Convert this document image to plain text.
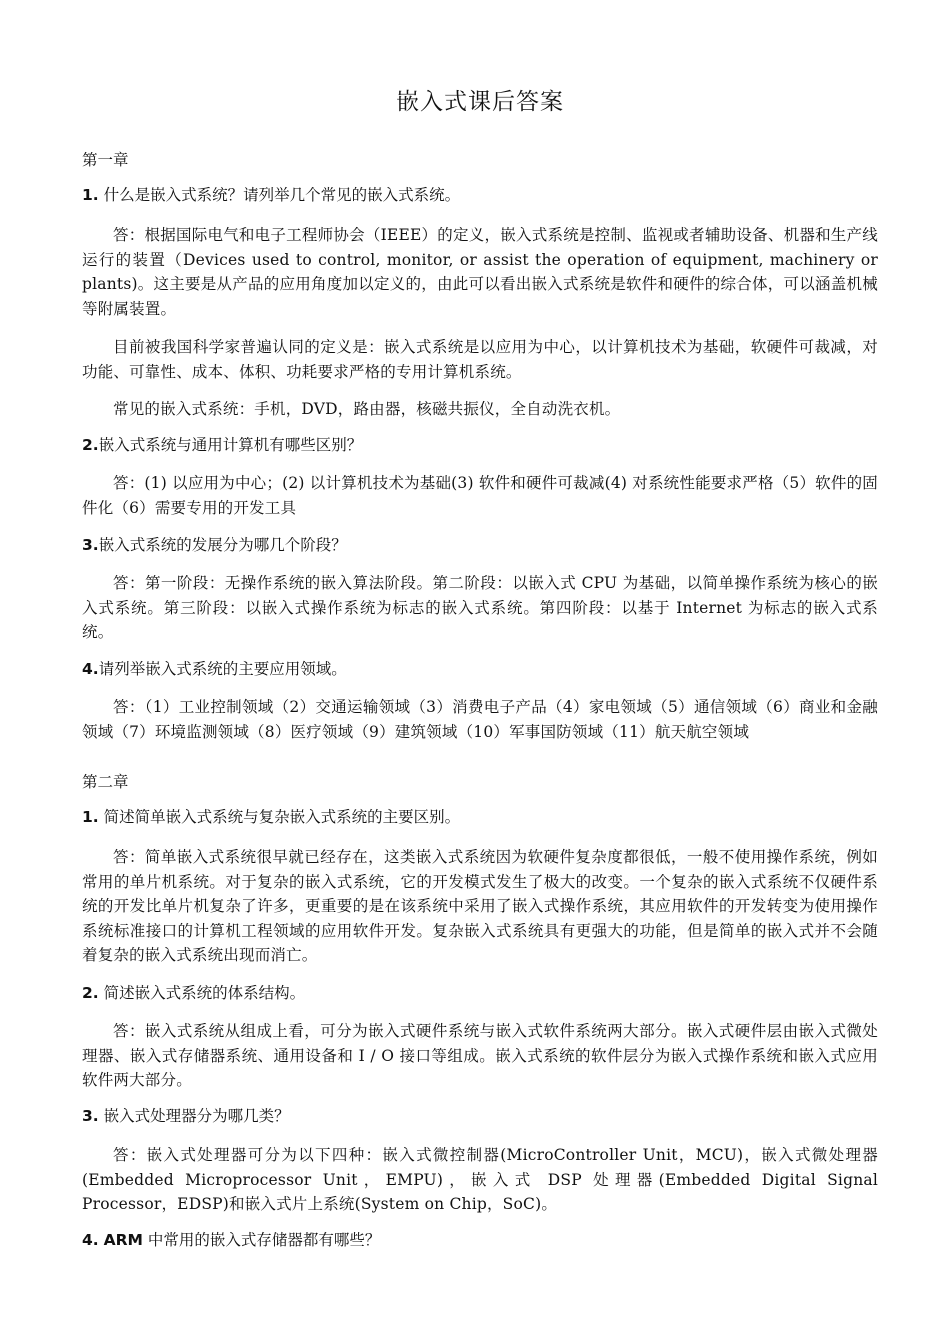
嵌入式课后答案
第一章
1. 什么是嵌入式系统？请列举几个常见的嵌入式系统。
答：根据国际电气和电子工程师协会（IEEE）的定义，嵌入式系统是控制、监视或者辅助设备、机器和生产线运行的装置（Devices used to control, monitor, or assist the operation of equipment, machinery or plants)。这主要是从产品的应用角度加以定义的，由此可以看出嵌入式系统是软件和硬件的综合体，可以涵盖机械等附属装置。
目前被我国科学家普遍认同的定义是：嵌入式系统是以应用为中心，以计算机技术为基础，软硬件可裁减，对功能、可靠性、成本、体积、功耗要求严格的专用计算机系统。
常见的嵌入式系统：手机，DVD，路由器，核磁共振仪，全自动洗衣机。
2.嵌入式系统与通用计算机有哪些区别？
答：(1) 以应用为中心；(2) 以计算机技术为基础(3) 软件和硬件可裁减(4) 对系统性能要求严格（5）软件的固件化（6）需要专用的开发工具
3.嵌入式系统的发展分为哪几个阶段？
答：第一阶段：无操作系统的嵌入算法阶段。第二阶段：以嵌入式 CPU 为基础，以简单操作系统为核心的嵌入式系统。第三阶段：以嵌入式操作系统为标志的嵌入式系统。第四阶段：以基于 Internet 为标志的嵌入式系统。
4.请列举嵌入式系统的主要应用领域。
答：（1）工业控制领域（2）交通运输领域（3）消费电子产品（4）家电领域（5）通信领域（6）商业和金融领域（7）环境监测领域（8）医疗领域（9）建筑领域（10）军事国防领域（11）航天航空领域
第二章
1. 简述简单嵌入式系统与复杂嵌入式系统的主要区别。
答：简单嵌入式系统很早就已经存在，这类嵌入式系统因为软硬件复杂度都很低，一般不使用操作系统，例如常用的单片机系统。对于复杂的嵌入式系统，它的开发模式发生了极大的改变。一个复杂的嵌入式系统不仅硬件系统的开发比单片机复杂了许多，更重要的是在该系统中采用了嵌入式操作系统，其应用软件的开发转变为使用操作系统标准接口的计算机工程领域的应用软件开发。复杂嵌入式系统具有更强大的功能，但是简单的嵌入式并不会随着复杂的嵌入式系统出现而消亡。
2. 简述嵌入式系统的体系结构。
答：嵌入式系统从组成上看，可分为嵌入式硬件系统与嵌入式软件系统两大部分。嵌入式硬件层由嵌入式微处理器、嵌入式存储器系统、通用设备和 I / O 接口等组成。嵌入式系统的软件层分为嵌入式操作系统和嵌入式应用软件两大部分。
3. 嵌入式处理器分为哪几类？
答：嵌入式处理器可分为以下四种：嵌入式微控制器(MicroController Unit，MCU)，嵌入式微处理器(Embedded Microprocessor Unit，EMPU)，嵌入式 DSP 处理器(Embedded Digital Signal Processor，EDSP)和嵌入式片上系统(System on Chip，SoC)。
4. ARM 中常用的嵌入式存储器都有哪些？
